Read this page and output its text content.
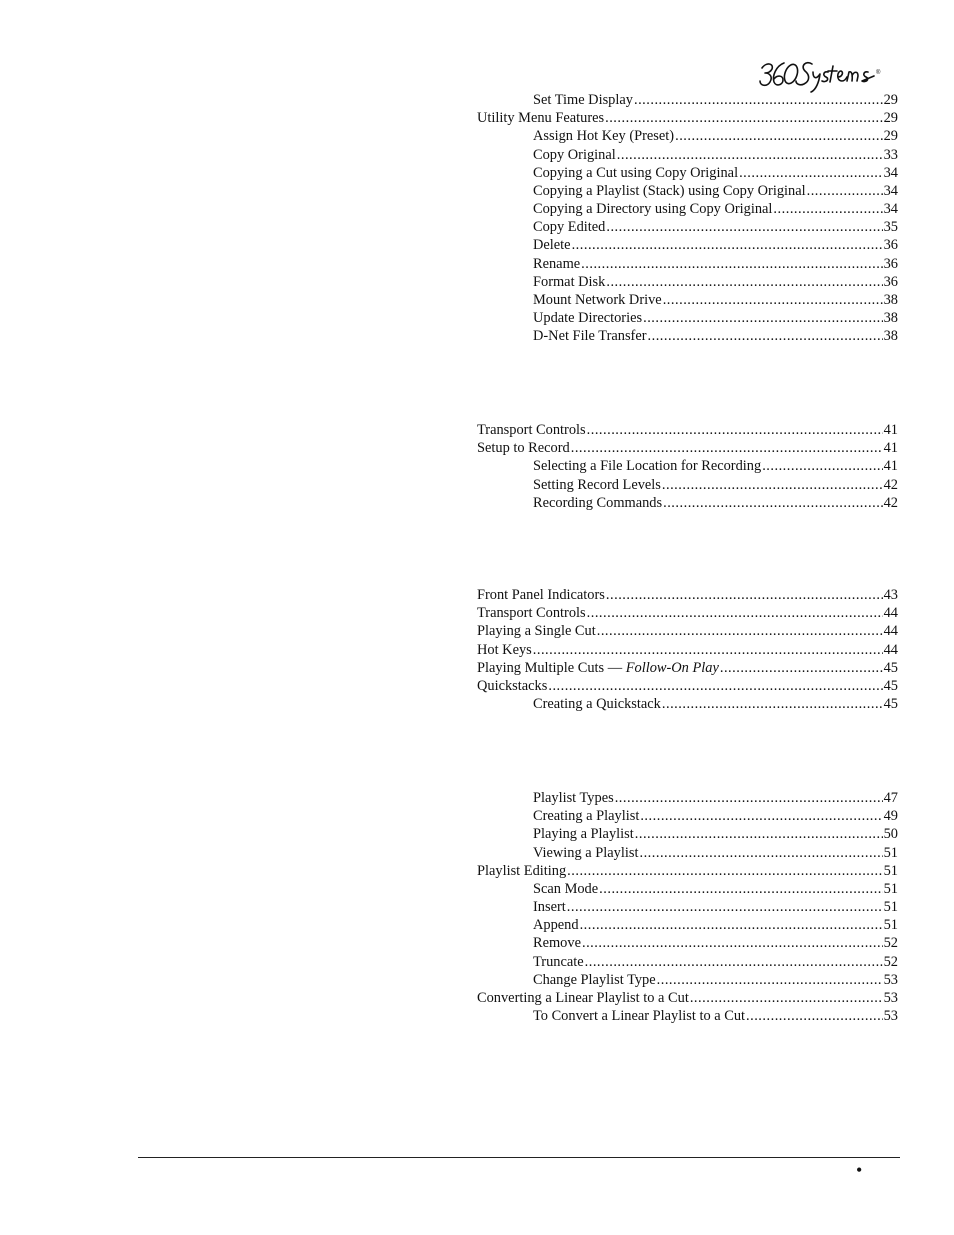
®
Set Time Display .....	29
Utility Menu Features .....	29
Assign Hot Key (Preset) .....	29
Copy Original .....	33
Copying a Cut using Copy Original .....	34
Copying a Playlist (Stack) using Copy Original .....	34
Copying a Directory using Copy Original .....	34
Copy Edited .....	35
Delete .....	36
Rename .....	36
Format Disk .....	36
Mount Network Drive .....	38
Update Directories .....	38
D-Net File Transfer .....	38
Transport Controls .....	41
Setup to Record .....	41
Selecting a File Location for Recording .....	41
Setting Record Levels .....	42
Recording Commands .....	42
Front Panel Indicators .....	43
Transport Controls .....	44
Playing a Single Cut .....	44
Hot Keys .....	44
Playing Multiple Cuts — Follow-On Play .....	45
Quickstacks .....	45
Creating a Quickstack .....	45
Playlist Types .....	47
Creating a Playlist .....	49
Playing a Playlist .....	50
Viewing a Playlist .....	51
Playlist Editing .....	51
Scan Mode .....	51
Insert .....	51
Append .....	51
Remove .....	52
Truncate .....	52
Change Playlist Type .....	53
Converting a Linear Playlist to a Cut .....	53
To Convert a Linear Playlist to a Cut .....	53
•
